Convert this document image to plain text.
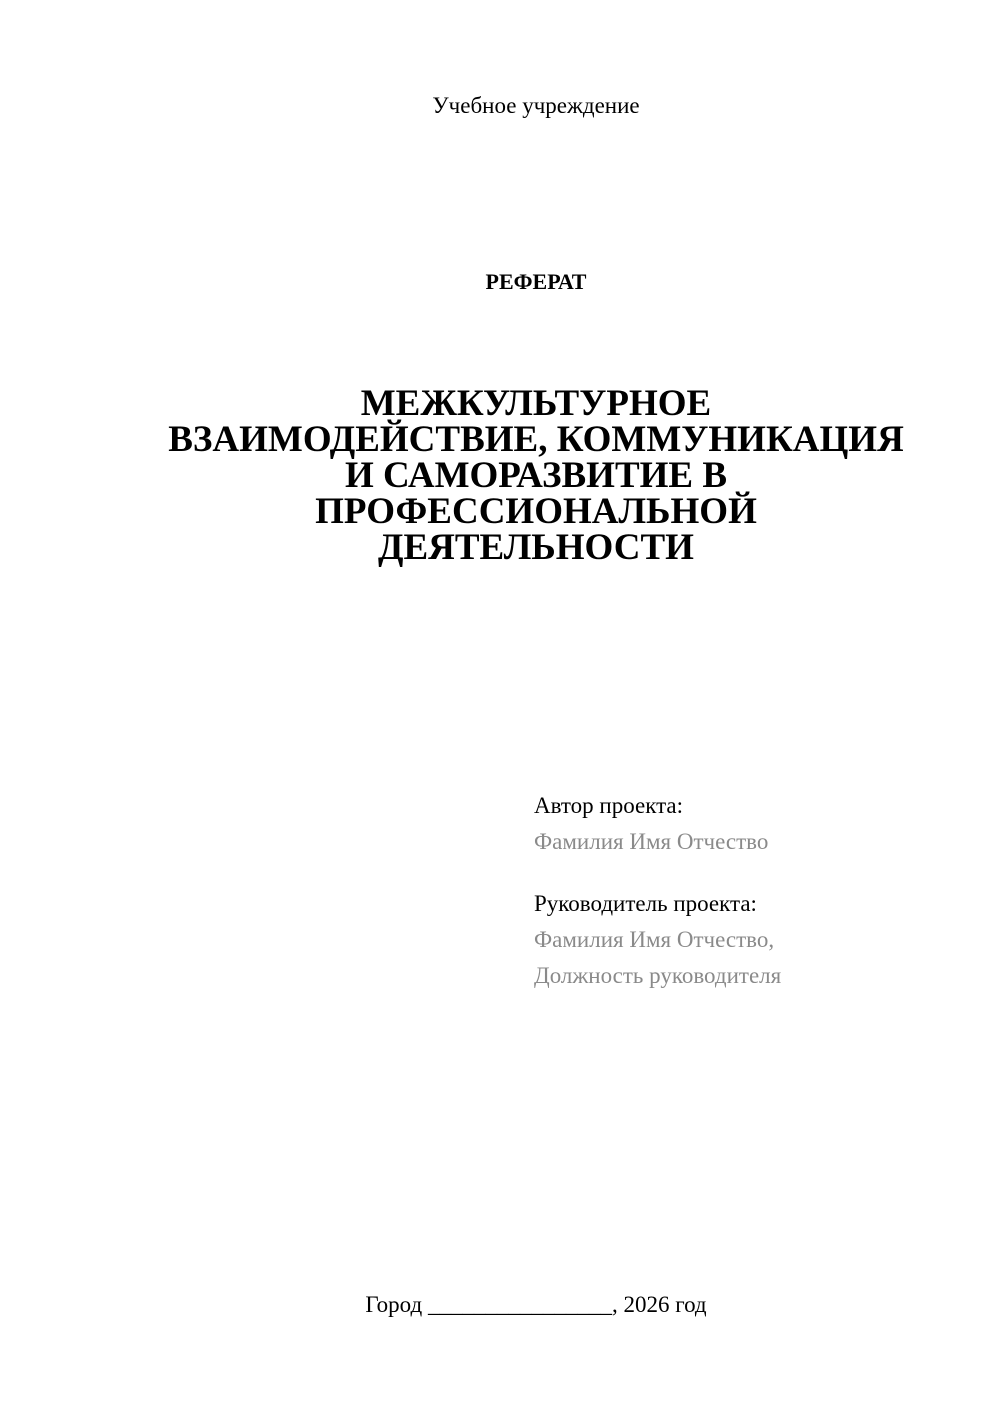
Учебное учреждение
РЕФЕРАТ
МЕЖКУЛЬТУРНОЕ
ВЗАИМОДЕЙСТВИЕ, КОММУНИКАЦИЯ
И САМОРАЗВИТИЕ В
ПРОФЕССИОНАЛЬНОЙ
ДЕЯТЕЛЬНОСТИ
Автор проекта:
Фамилия Имя Отчество
Руководитель проекта:
Фамилия Имя Отчество,
Должность руководителя
Город ________________, 2026 год
